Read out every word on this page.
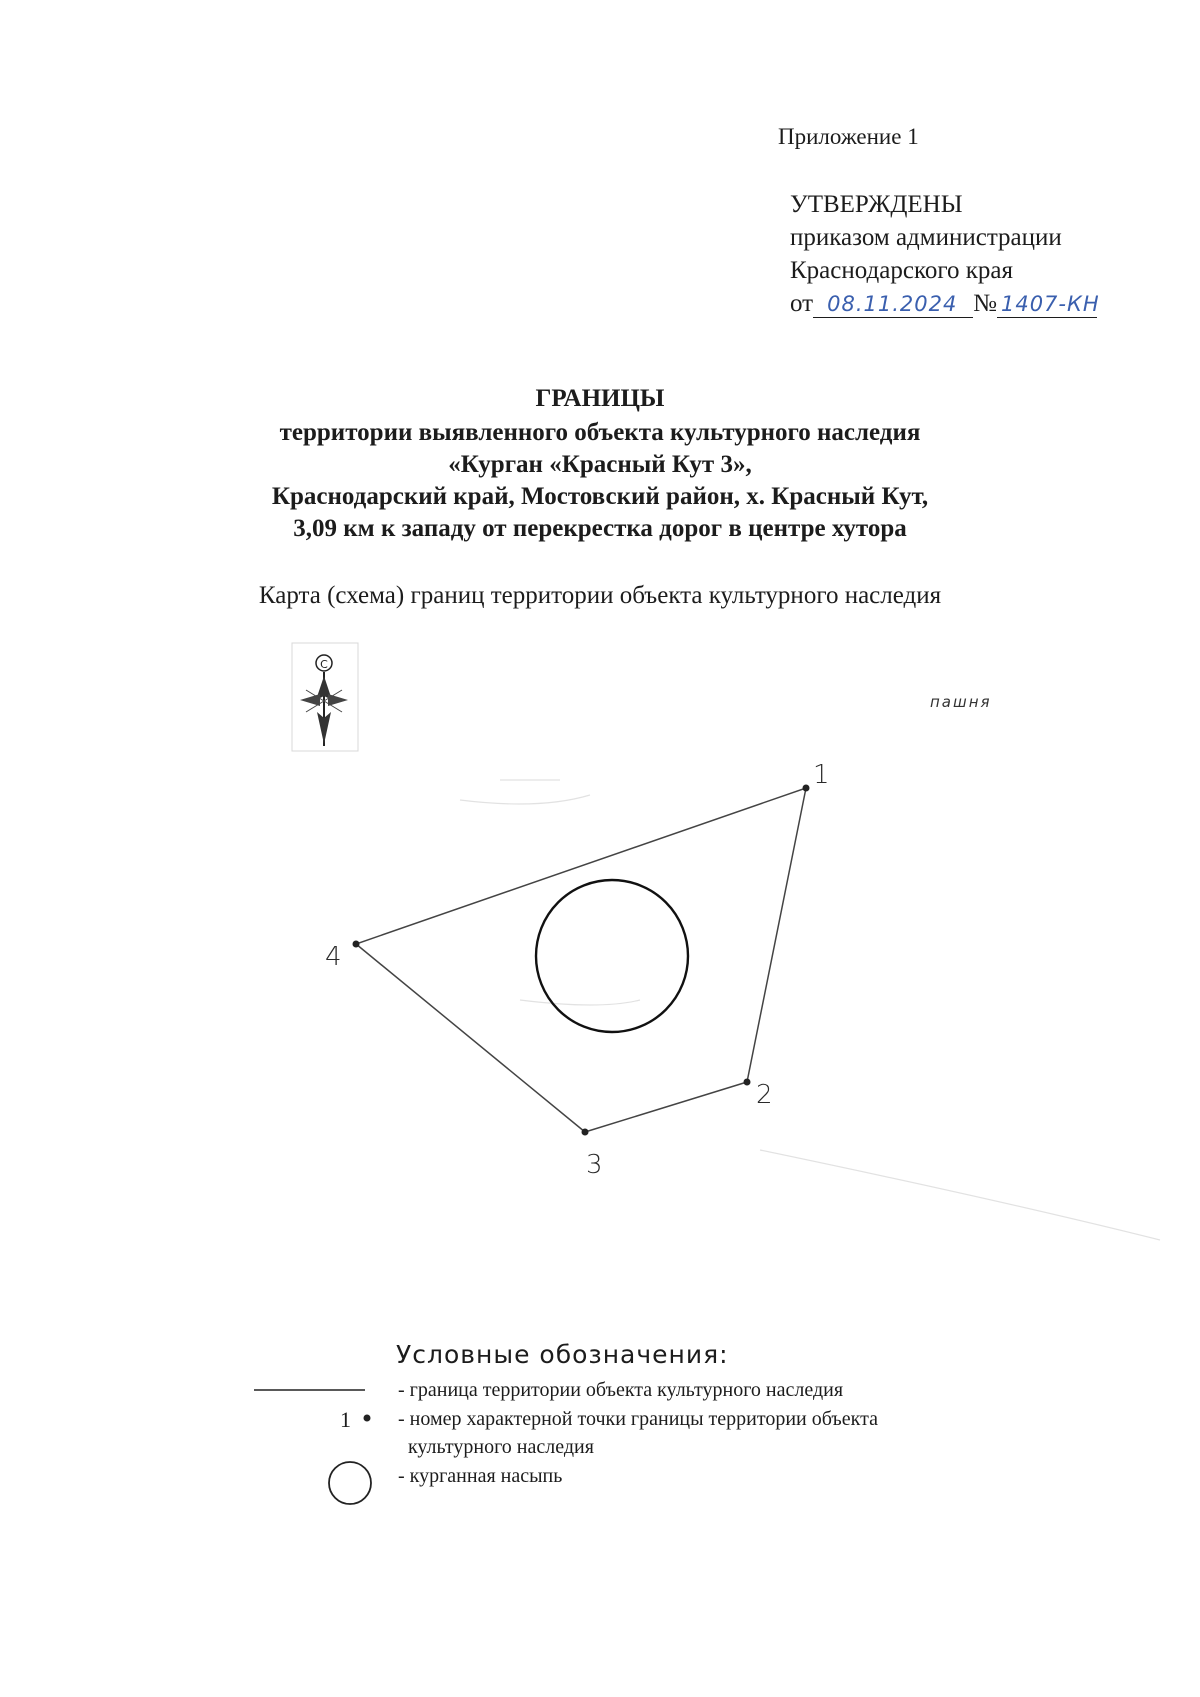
Приложение 1
УТВЕРЖДЕНЫ
приказом администрации
Краснодарского края
от 08.11.2024 № 1407-КН
ГРАНИЦЫ
территории выявленного объекта культурного наследия
«Курган «Красный Кут 3»,
Краснодарский край, Мостовский район, х. Красный Кут,
3,09 км к западу от перекрестка дорог в центре хутора
Карта (схема) границ территории объекта культурного наследия
С
пашня
1
2
3
4
Условные обозначения:
1
- граница территории объекта культурного наследия
- номер характерной точки границы территории объекта
культурного наследия
- курганная насыпь
